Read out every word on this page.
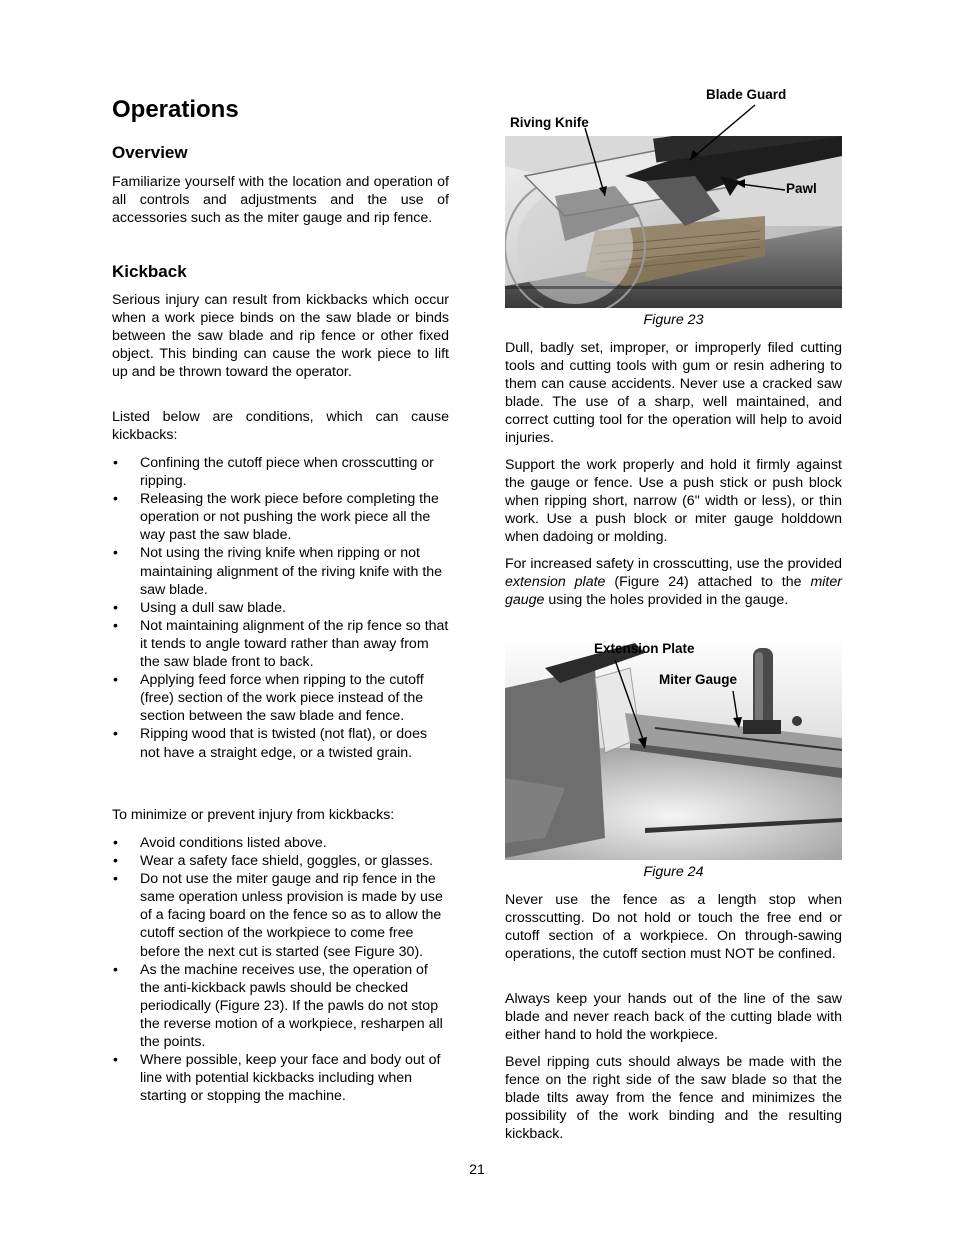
Operations
Overview

Familiarize yourself with the location and operation of all controls and adjustments and the use of accessories such as the miter gauge and rip fence.

Kickback

Serious injury can result from kickbacks which occur when a work piece binds on the saw blade or binds between the saw blade and rip fence or other fixed object. This binding can cause the work piece to lift up and be thrown toward the operator.

Listed below are conditions, which can cause kickbacks:

• Confining the cutoff piece when crosscutting or ripping.
• Releasing the work piece before completing the operation or not pushing the work piece all the way past the saw blade.
• Not using the riving knife when ripping or not maintaining alignment of the riving knife with the saw blade.
• Using a dull saw blade.
• Not maintaining alignment of the rip fence so that it tends to angle toward rather than away from the saw blade front to back.
• Applying feed force when ripping to the cutoff (free) section of the work piece instead of the section between the saw blade and fence.
• Ripping wood that is twisted (not flat), or does not have a straight edge, or a twisted grain.

To minimize or prevent injury from kickbacks:

• Avoid conditions listed above.
• Wear a safety face shield, goggles, or glasses.
• Do not use the miter gauge and rip fence in the same operation unless provision is made by use of a facing board on the fence so as to allow the cutoff section of the workpiece to come free before the next cut is started (see Figure 30).
• As the machine receives use, the operation of the anti-kickback pawls should be checked periodically (Figure 23). If the pawls do not stop the reverse motion of a workpiece, resharpen all the points.
• Where possible, keep your face and body out of line with potential kickbacks including when starting or stopping the machine.
Blade Guard
Riving Knife
Pawl

Figure 23

Dull, badly set, improper, or improperly filed cutting tools and cutting tools with gum or resin adhering to them can cause accidents. Never use a cracked saw blade. The use of a sharp, well maintained, and correct cutting tool for the operation will help to avoid injuries.

Support the work properly and hold it firmly against the gauge or fence. Use a push stick or push block when ripping short, narrow (6" width or less), or thin work. Use a push block or miter gauge holddown when dadoing or molding.

For increased safety in crosscutting, use the provided extension plate (Figure 24) attached to the miter gauge using the holes provided in the gauge.

Extension Plate
Miter Gauge

Figure 24

Never use the fence as a length stop when crosscutting. Do not hold or touch the free end or cutoff section of a workpiece. On through-sawing operations, the cutoff section must NOT be confined.

Always keep your hands out of the line of the saw blade and never reach back of the cutting blade with either hand to hold the workpiece.

Bevel ripping cuts should always be made with the fence on the right side of the saw blade so that the blade tilts away from the fence and minimizes the possibility of the work binding and the resulting kickback.

21
